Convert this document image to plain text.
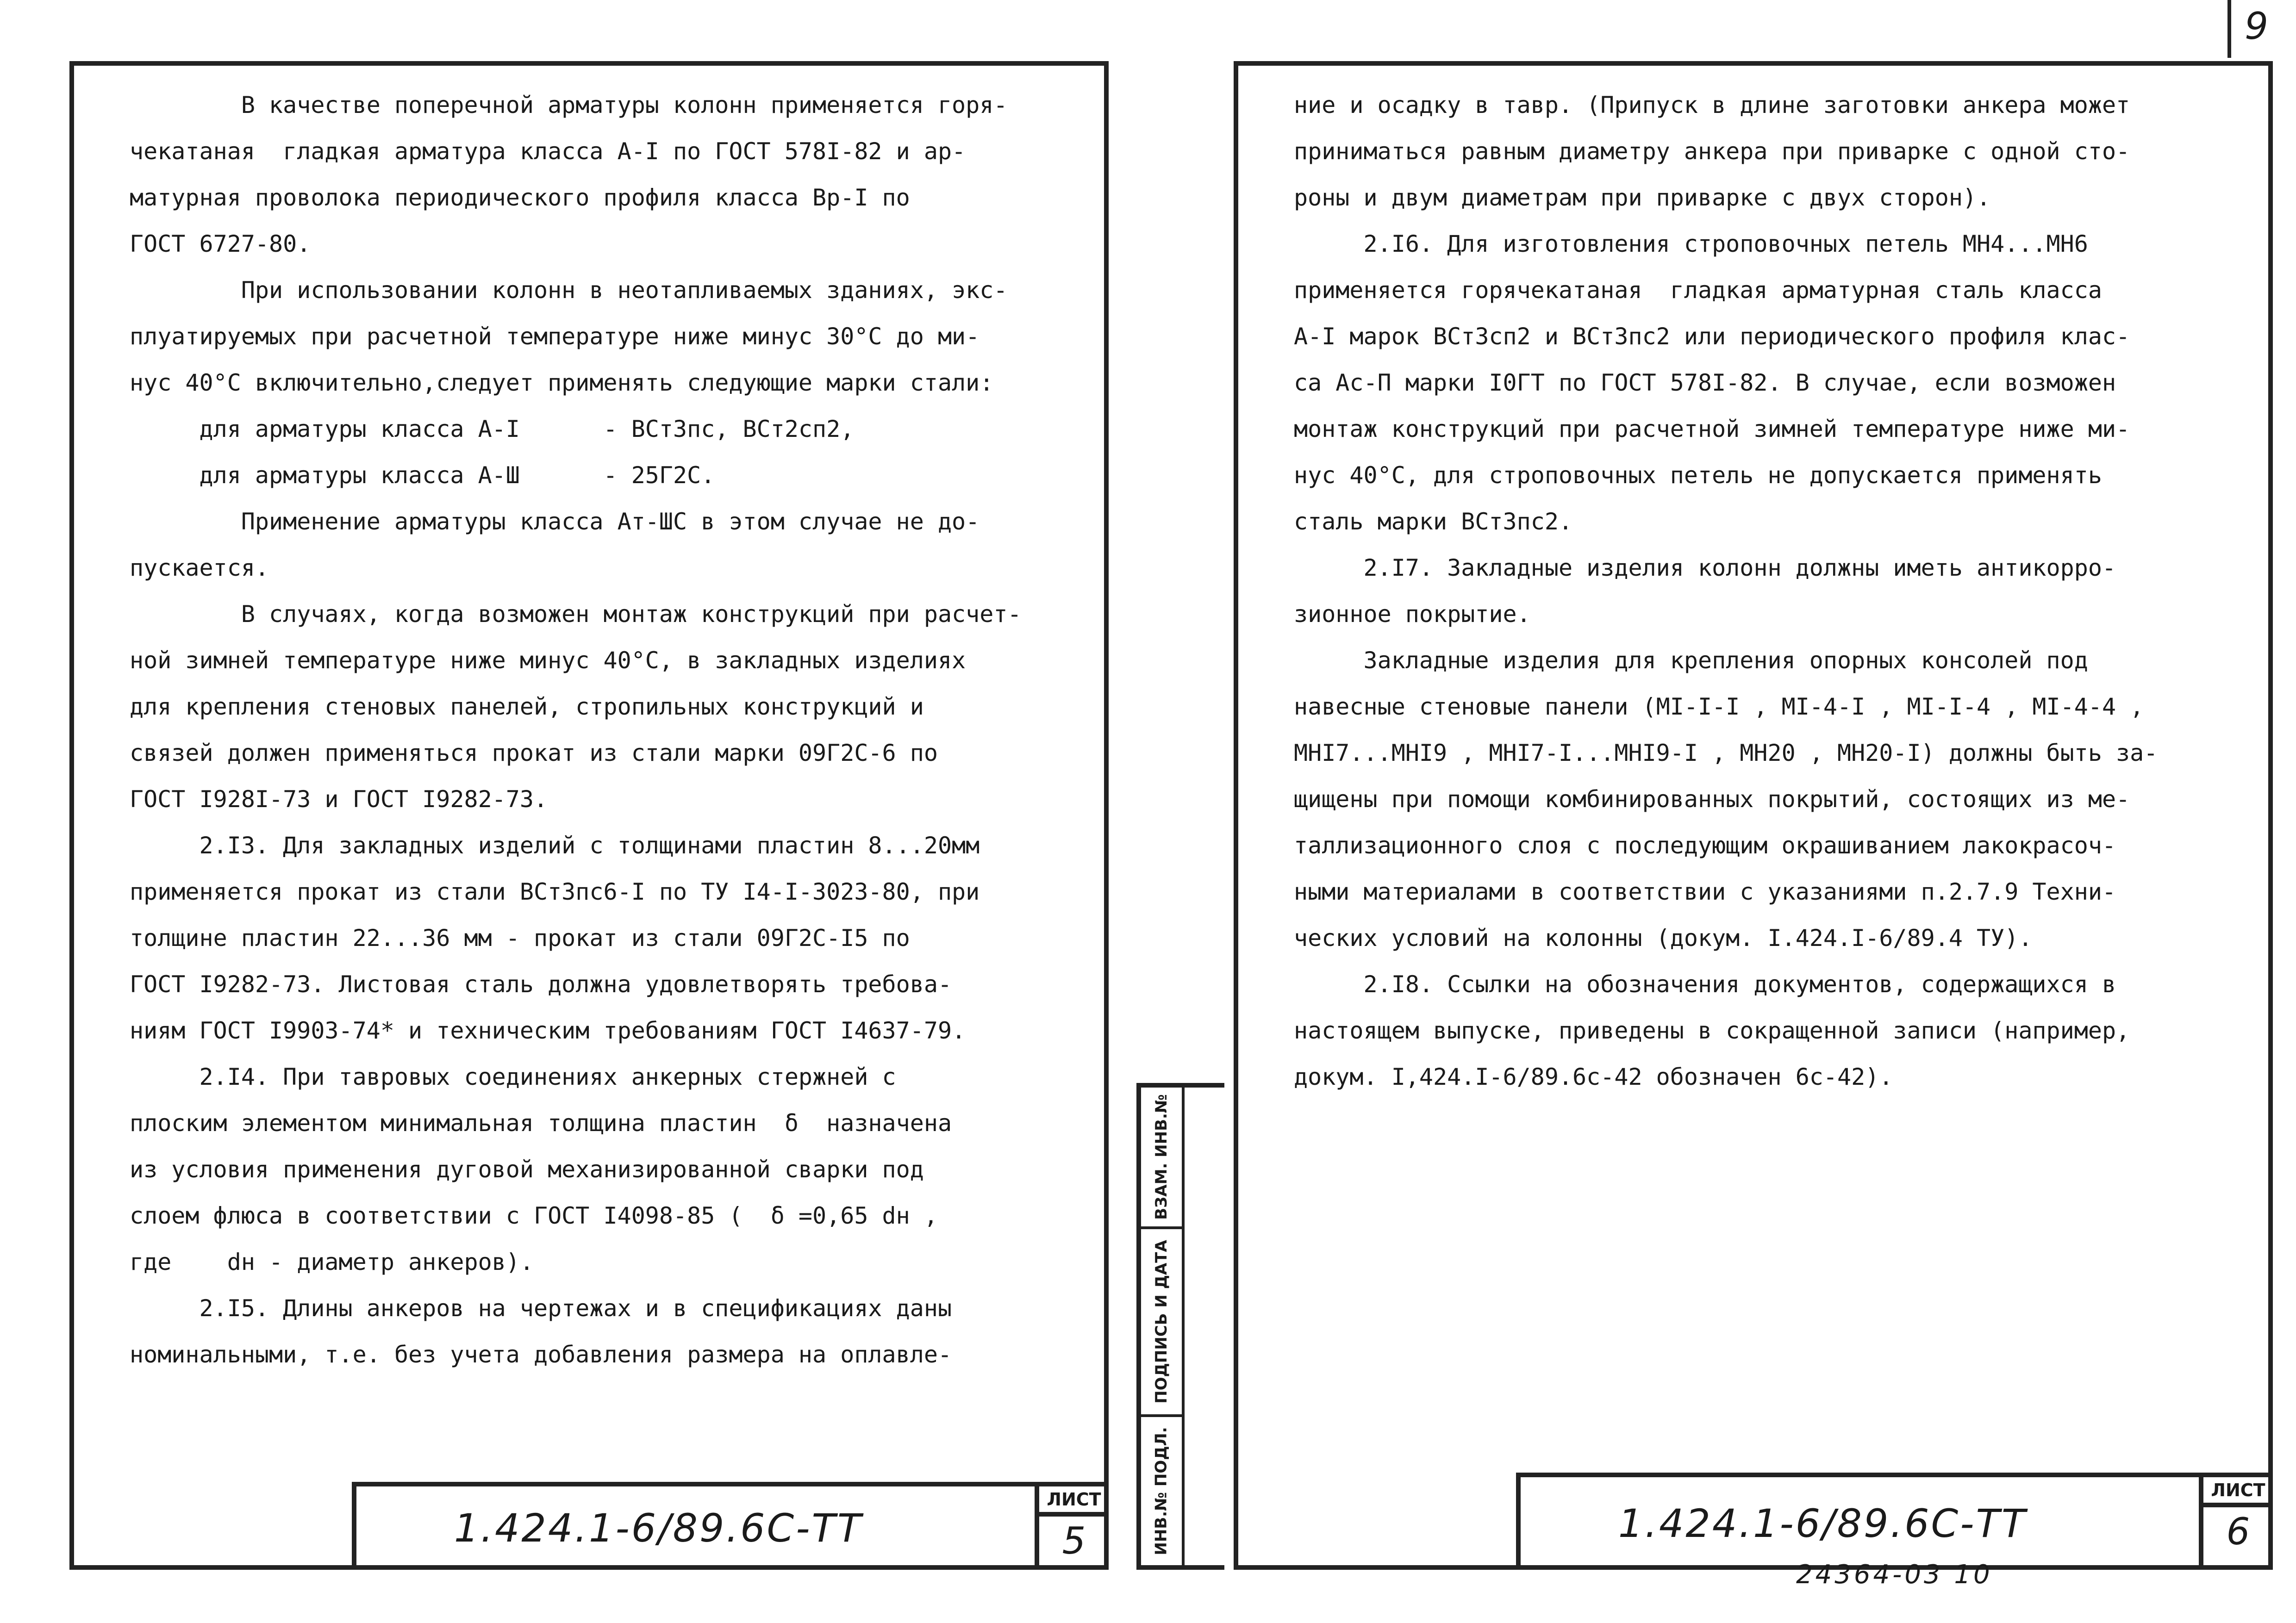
9
В качестве поперечной арматуры колонн применяется горя-
чекатаная  гладкая арматура класса А-I по ГОСТ 578I-82 и ар-
матурная проволока периодического профиля класса Вр-I по
ГОСТ 6727-80.
При использовании колонн в неотапливаемых зданиях, экс-
плуатируемых при расчетной температуре ниже минус 30°С до ми-
нус 40°С включительно,следует применять следующие марки стали:
для арматуры класса А-I      - ВСт3пс, ВСт2сп2,
для арматуры класса А-Ш      - 25Г2С.
Применение арматуры класса Ат-ШС в этом случае не до-
пускается.
В случаях, когда возможен монтаж конструкций при расчет-
ной зимней температуре ниже минус 40°С, в закладных изделиях
для крепления стеновых панелей, стропильных конструкций и
связей должен применяться прокат из стали марки 09Г2С-6 по
ГОСТ I928I-73 и ГОСТ I9282-73.
2.I3. Для закладных изделий с толщинами пластин 8...20мм
применяется прокат из стали ВСт3пс6-I по ТУ I4-I-3023-80, при
толщине пластин 22...36 мм - прокат из стали 09Г2С-I5 по
ГОСТ I9282-73. Листовая сталь должна удовлетворять требова-
ниям ГОСТ I9903-74* и техническим требованиям ГОСТ I4637-79.
2.I4. При тавровых соединениях анкерных стержней с
плоским элементом минимальная толщина пластин  δ  назначена
из условия применения дуговой механизированной сварки под
слоем флюса в соответствии с ГОСТ I4098-85 (  δ =0,65 dн ,
где    dн - диаметр анкеров).
2.I5. Длины анкеров на чертежах и в спецификациях даны
номинальными, т.е. без учета добавления размера на оплавле-
1.424.1-6/89.6С-ТТ
ЛИСТ
5
ВЗАМ. ИНВ.№
ПОДПИСЬ И ДАТА
ИНВ.№ ПОДЛ.
ние и осадку в тавр. (Припуск в длине заготовки анкера может
приниматься равным диаметру анкера при приварке с одной сто-
роны и двум диаметрам при приварке с двух сторон).
2.I6. Для изготовления строповочных петель МН4...МН6
применяется горячекатаная  гладкая арматурная сталь класса
А-I марок ВСт3сп2 и ВСт3пс2 или периодического профиля клас-
са Ас-П марки I0ГТ по ГОСТ 578I-82. В случае, если возможен
монтаж конструкций при расчетной зимней температуре ниже ми-
нус 40°С, для строповочных петель не допускается применять
сталь марки ВСт3пс2.
2.I7. Закладные изделия колонн должны иметь антикорро-
зионное покрытие.
Закладные изделия для крепления опорных консолей под
навесные стеновые панели (МI-I-I , МI-4-I , МI-I-4 , МI-4-4 ,
МНI7...МНI9 , МНI7-I...МНI9-I , МН20 , МН20-I) должны быть за-
щищены при помощи комбинированных покрытий, состоящих из ме-
таллизационного слоя с последующим окрашиванием лакокрасоч-
ными материалами в соответствии с указаниями п.2.7.9 Техни-
ческих условий на колонны (докум. I.424.I-6/89.4 ТУ).
2.I8. Ссылки на обозначения документов, содержащихся в
настоящем выпуске, приведены в сокращенной записи (например,
докум. I,424.I-6/89.6с-42 обозначен 6с-42).
1.424.1-6/89.6С-ТТ
ЛИСТ
6
24364-03 10
